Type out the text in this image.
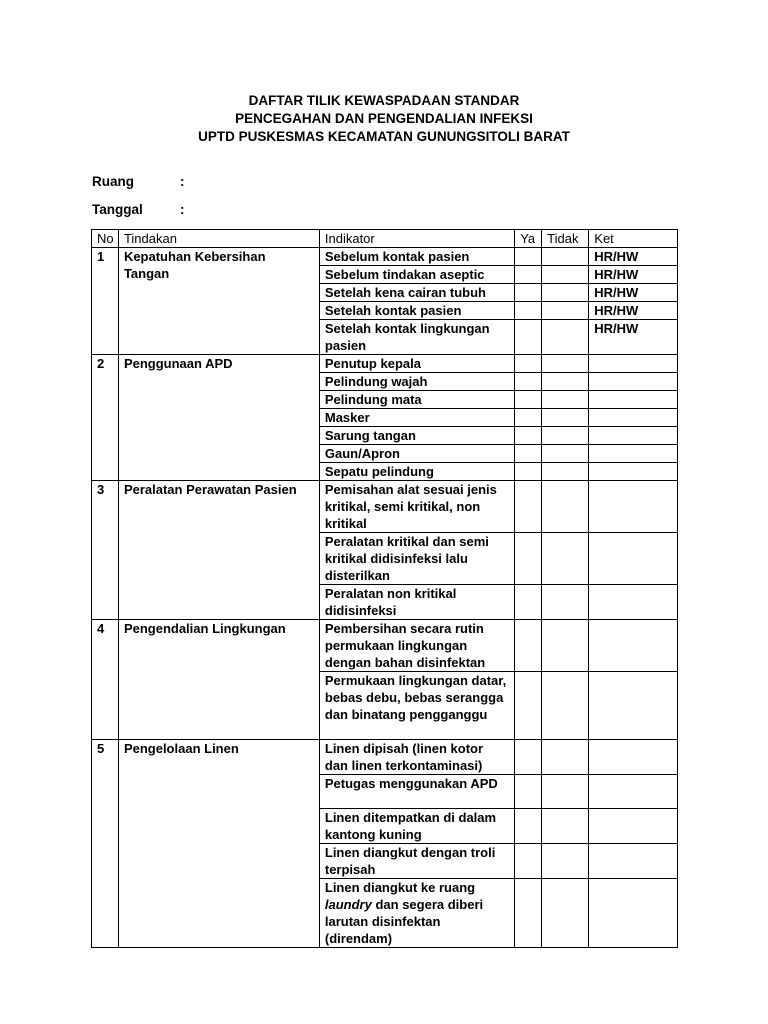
DAFTAR TILIK KEWASPADAAN STANDAR
PENCEGAHAN DAN PENGENDALIAN INFEKSI
UPTD PUSKESMAS KECAMATAN GUNUNGSITOLI BARAT
Ruang	:
Tanggal	:
No	Tindakan	Indikator	Ya	Tidak	Ket
1	Kepatuhan Kebersihan Tangan	Sebelum kontak pasien			HR/HW
		Sebelum tindakan aseptic			HR/HW
		Setelah kena cairan tubuh			HR/HW
		Setelah kontak pasien			HR/HW
		Setelah kontak lingkungan pasien			HR/HW
2	Penggunaan APD	Penutup kepala			
		Pelindung wajah			
		Pelindung mata			
		Masker			
		Sarung tangan			
		Gaun/Apron			
		Sepatu pelindung			
3	Peralatan Perawatan Pasien	Pemisahan alat sesuai jenis kritikal, semi kritikal, non kritikal			
		Peralatan kritikal dan semi kritikal didisinfeksi lalu disterilkan			
		Peralatan non kritikal didisinfeksi			
4	Pengendalian Lingkungan	Pembersihan secara rutin permukaan lingkungan dengan bahan disinfektan			
		Permukaan lingkungan datar, bebas debu, bebas serangga dan binatang pengganggu			
5	Pengelolaan Linen	Linen dipisah (linen kotor dan linen terkontaminasi)			
		Petugas menggunakan APD			
		Linen ditempatkan di dalam kantong kuning			
		Linen diangkut dengan troli terpisah			
		Linen diangkut ke ruang laundry dan segera diberi larutan disinfektan (direndam)			
